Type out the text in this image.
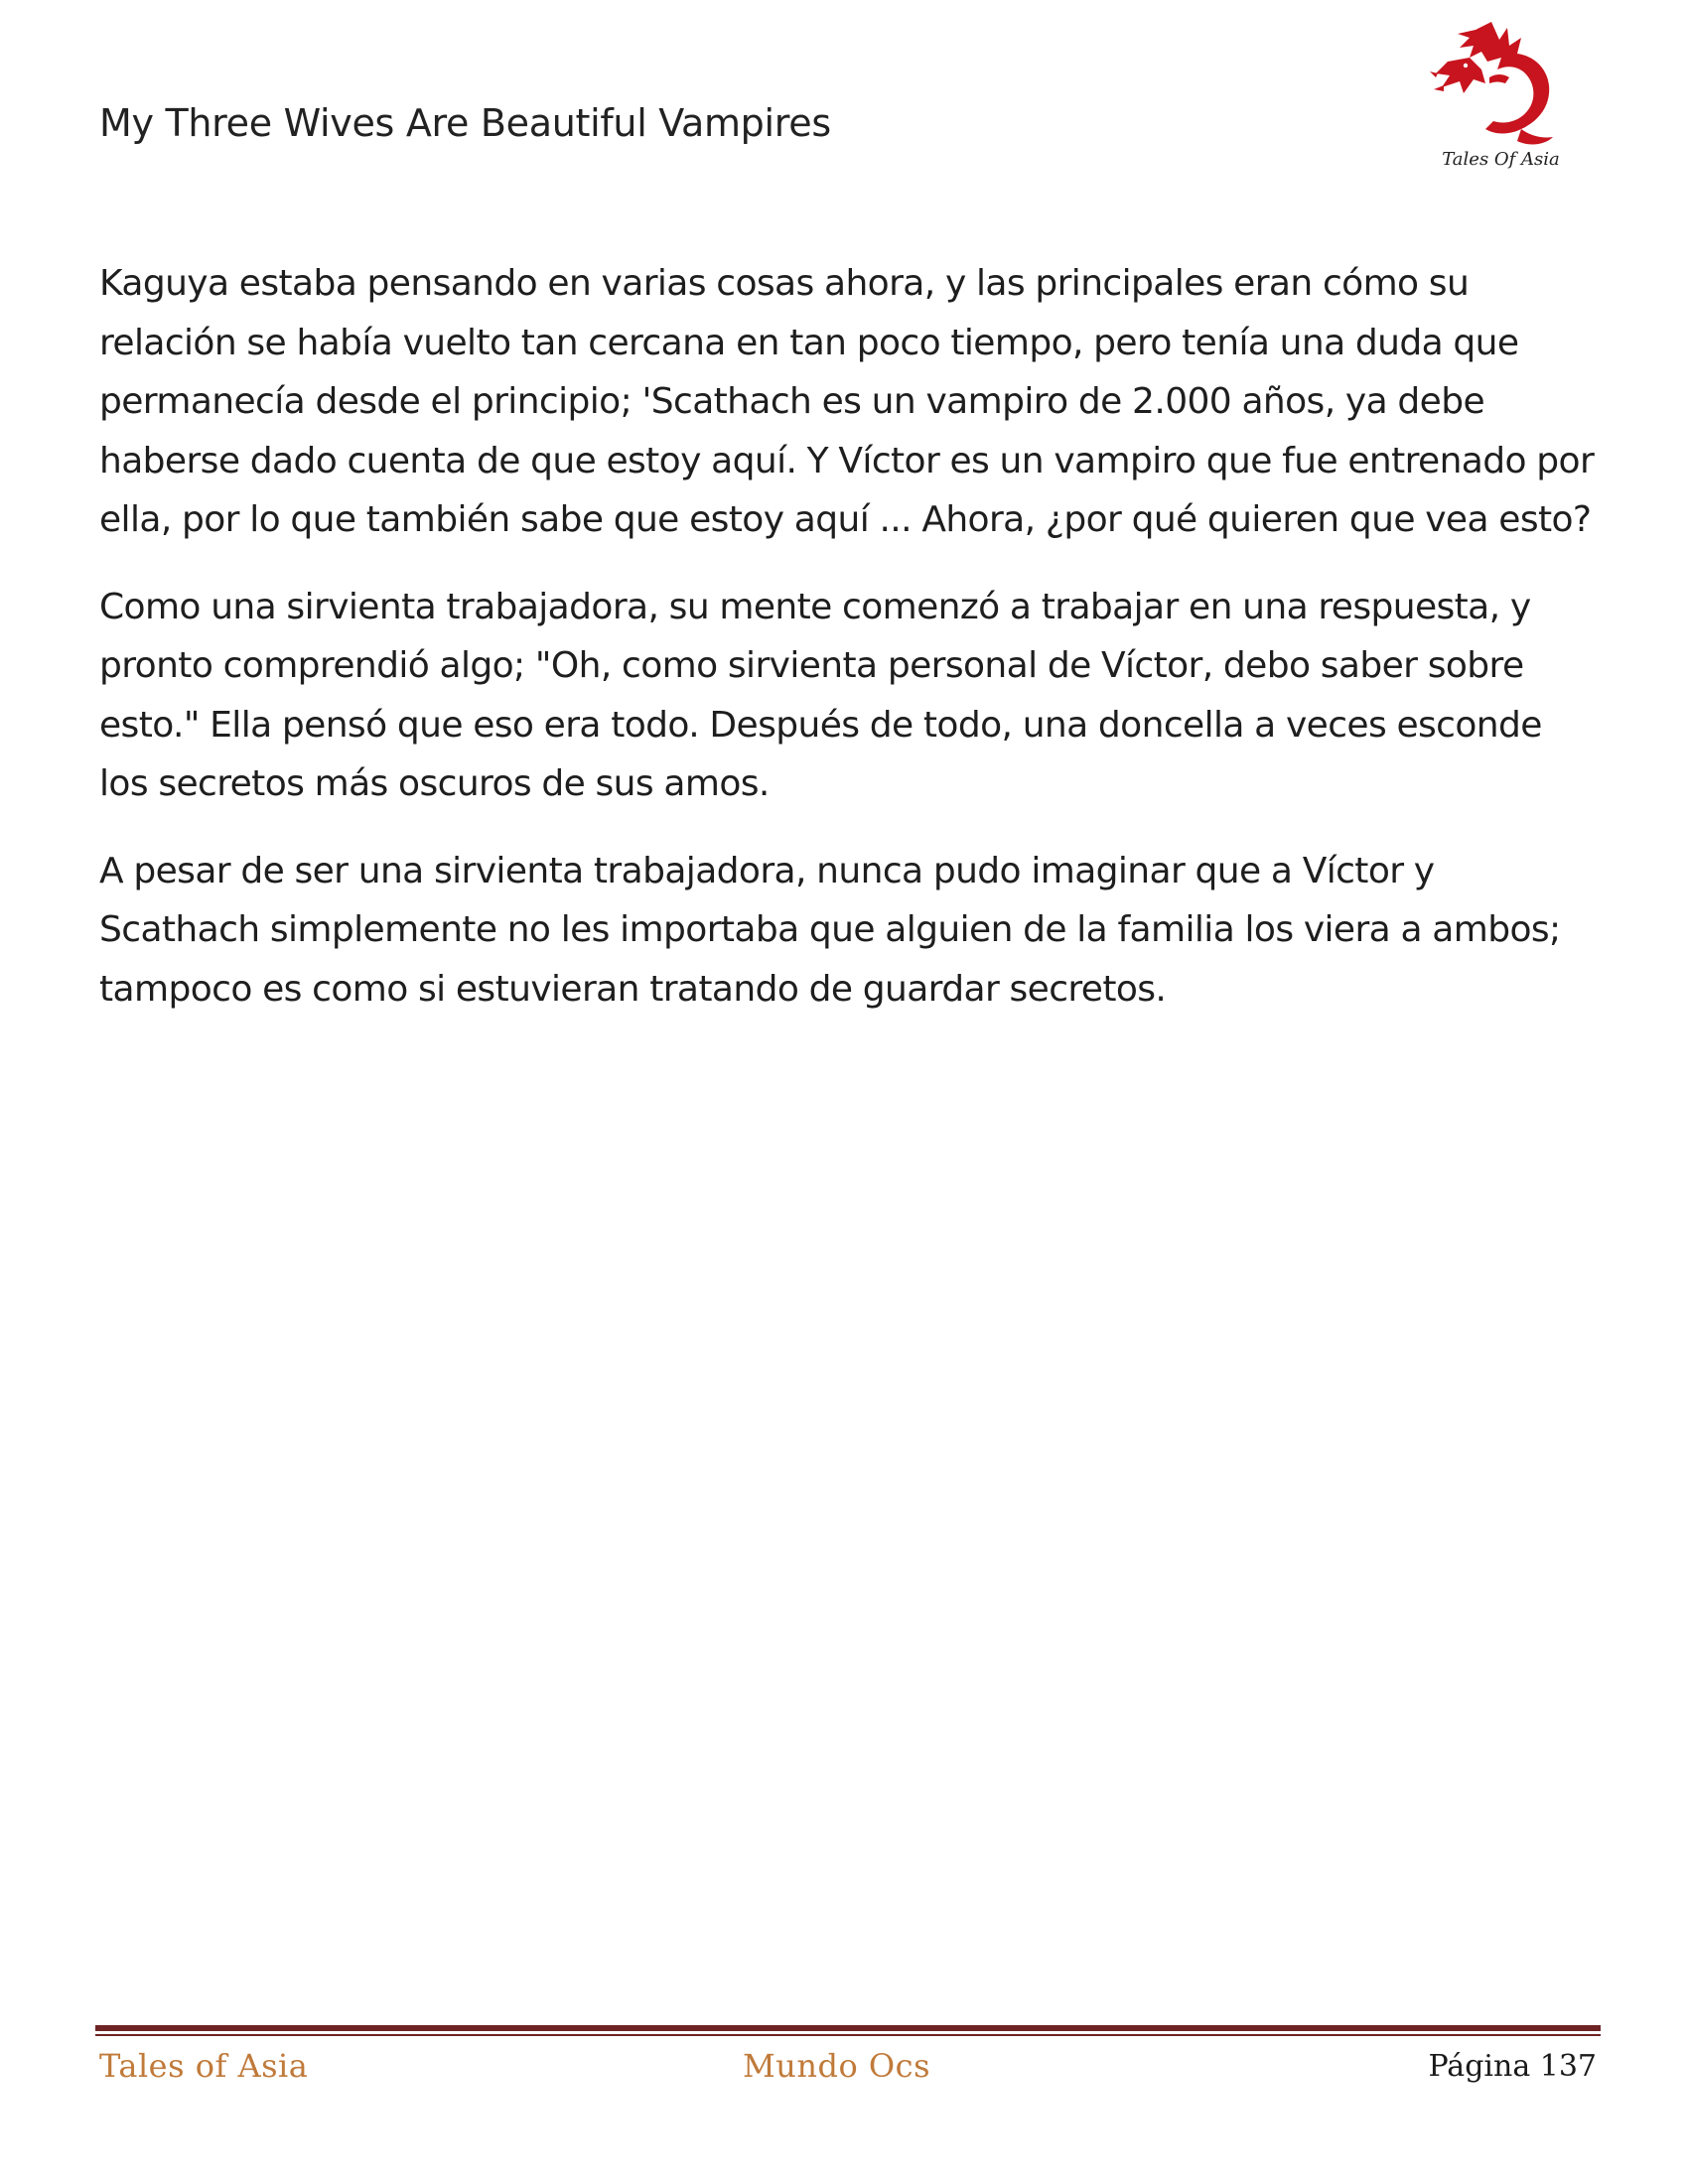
My Three Wives Are Beautiful Vampires
Tales Of Asia

Kaguya estaba pensando en varias cosas ahora, y las principales eran cómo su relación se había vuelto tan cercana en tan poco tiempo, pero tenía una duda que permanecía desde el principio; 'Scathach es un vampiro de 2.000 años, ya debe haberse dado cuenta de que estoy aquí. Y Víctor es un vampiro que fue entrenado por ella, por lo que también sabe que estoy aquí ... Ahora, ¿por qué quieren que vea esto?

Como una sirvienta trabajadora, su mente comenzó a trabajar en una respuesta, y pronto comprendió algo; "Oh, como sirvienta personal de Víctor, debo saber sobre esto." Ella pensó que eso era todo. Después de todo, una doncella a veces esconde los secretos más oscuros de sus amos.

A pesar de ser una sirvienta trabajadora, nunca pudo imaginar que a Víctor y Scathach simplemente no les importaba que alguien de la familia los viera a ambos; tampoco es como si estuvieran tratando de guardar secretos.

Tales of Asia	Mundo Ocs	Página 137
